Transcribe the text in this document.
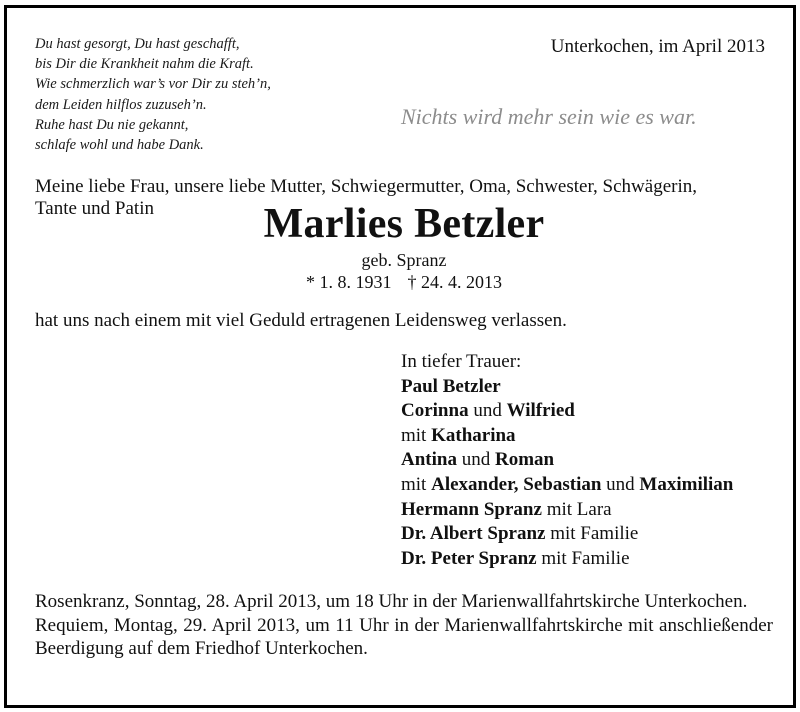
Du hast gesorgt, Du hast geschafft,
bis Dir die Krankheit nahm die Kraft.
Wie schmerzlich war’s vor Dir zu steh’n,
dem Leiden hilflos zuzuseh’n.
Ruhe hast Du nie gekannt,
schlafe wohl und habe Dank.
Unterkochen, im April 2013
Nichts wird mehr sein wie es war.
Meine liebe Frau, unsere liebe Mutter, Schwiegermutter, Oma, Schwester, Schwägerin,
Tante und Patin	Marlies Betzler
geb. Spranz
* 1. 8. 1931 † 24. 4. 2013
hat uns nach einem mit viel Geduld ertragenen Leidensweg verlassen.
In tiefer Trauer:
Paul Betzler
Corinna und Wilfried
mit Katharina
Antina und Roman
mit Alexander, Sebastian und Maximilian
Hermann Spranz mit Lara
Dr. Albert Spranz mit Familie
Dr. Peter Spranz mit Familie

Rosenkranz, Sonntag, 28. April 2013, um 18 Uhr in der Marienwallfahrtskirche Unterkochen.

Requiem, Montag, 29. April 2013, um 11 Uhr in der Marienwallfahrtskirche mit anschließender Beerdigung auf dem Friedhof Unterkochen.
